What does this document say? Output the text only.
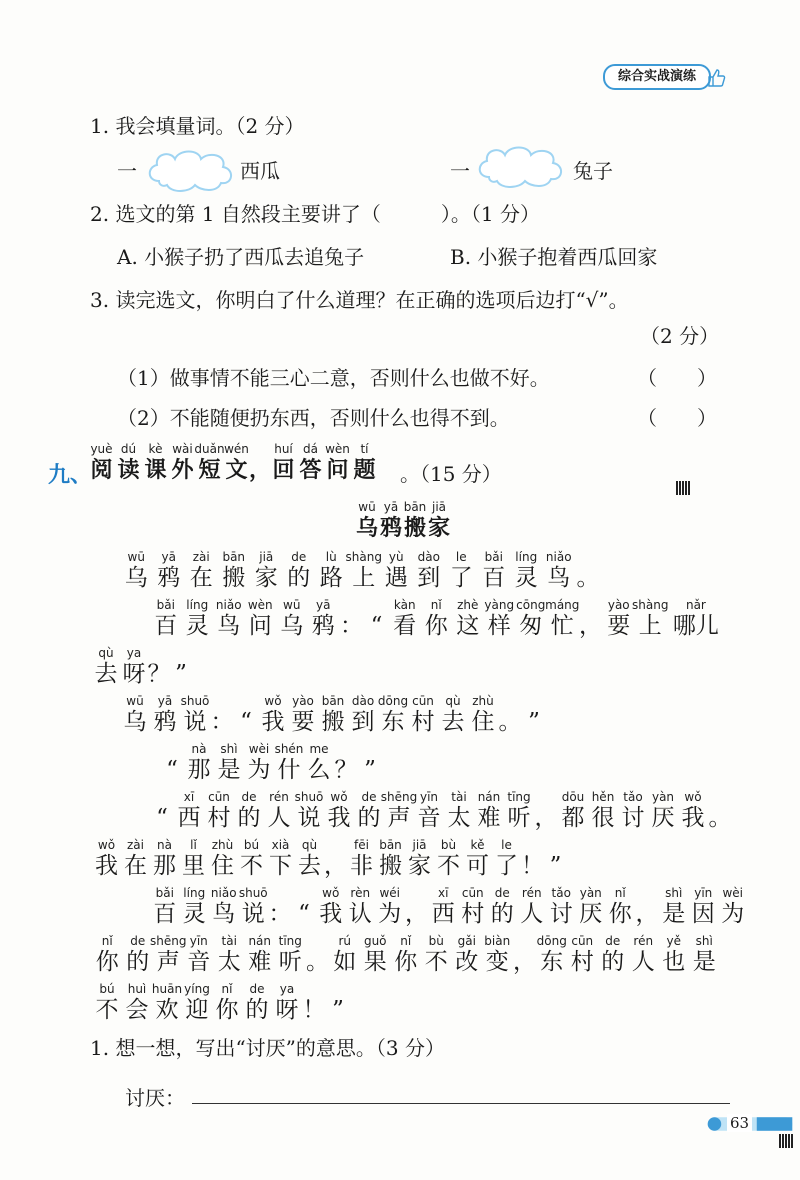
综合实战演练
1. 我会填量词。（2 分）
一	西瓜	一	兔子
2. 选文的第 1 自然段主要讲了（　　　）。（1 分）
A. 小猴子扔了西瓜去追兔子	B. 小猴子抱着西瓜回家
3. 读完选文，你明白了什么道理？在正确的选项后边打“√”。
（2 分）
（1）做事情不能三心二意，否则什么也做不好。	（　　）
（2）不能随便扔东西，否则什么也得不到。	（　　）
九、
yuè
阅
dú
读
kè
课
wài
外
duǎn
短
wén
文 ，
huí
回
dá
答
wèn
问
tí
题 。（15 分）
wū
乌
yā
鸦
bān
搬
jiā
家
wū
乌
yā
鸦
zài
在
bān
搬
jiā
家
de
的
lù
路
shàng
上
yù
遇
dào
到
le
了
bǎi
百
líng
灵
niǎo
鸟 。
bǎi
百
líng
灵
niǎo
鸟
wèn
问
wū
乌
yā
鸦 ： “
kàn
看
nǐ
你
zhè
这
yàng
样
cōng
匆
máng
忙 ，
yào
要
shàng
上
nǎr
哪儿
qù
去
ya
呀 ？ ”
wū
乌
yā
鸦
shuō
说 ： “
wǒ
我
yào
要
bān
搬
dào
到
dōng
东
cūn
村
qù
去
zhù
住 。 ”
“
nà
那
shì
是
wèi
为
shén
什
me
么 ？ ”
“
xī
西
cūn
村
de
的
rén
人
shuō
说
wǒ
我
de
的
shēng
声
yīn
音
tài
太
nán
难
tīng
听 ，
dōu
都
hěn
很
tǎo
讨
yàn
厌
wǒ
我 。
wǒ
我
zài
在
nà
那
lǐ
里
zhù
住
bú
不
xià
下
qù
去 ，
fēi
非
bān
搬
jiā
家
bù
不
kě
可
le
了 ！ ”
bǎi
百
líng
灵
niǎo
鸟
shuō
说 ： “
wǒ
我
rèn
认
wéi
为 ，
xī
西
cūn
村
de
的
rén
人
tǎo
讨
yàn
厌
nǐ
你 ，
shì
是
yīn
因
wèi
为
nǐ
你
de
的
shēng
声
yīn
音
tài
太
nán
难
tīng
听 。
rú
如
guǒ
果
nǐ
你
bù
不
gǎi
改
biàn
变 ，
dōng
东
cūn
村
de
的
rén
人
yě
也
shì
是
bú
不
huì
会
huān
欢
yíng
迎
nǐ
你
de
的
ya
呀 ！ ”
1. 想一想，写出“讨厌”的意思。（3 分）
讨厌：
63
